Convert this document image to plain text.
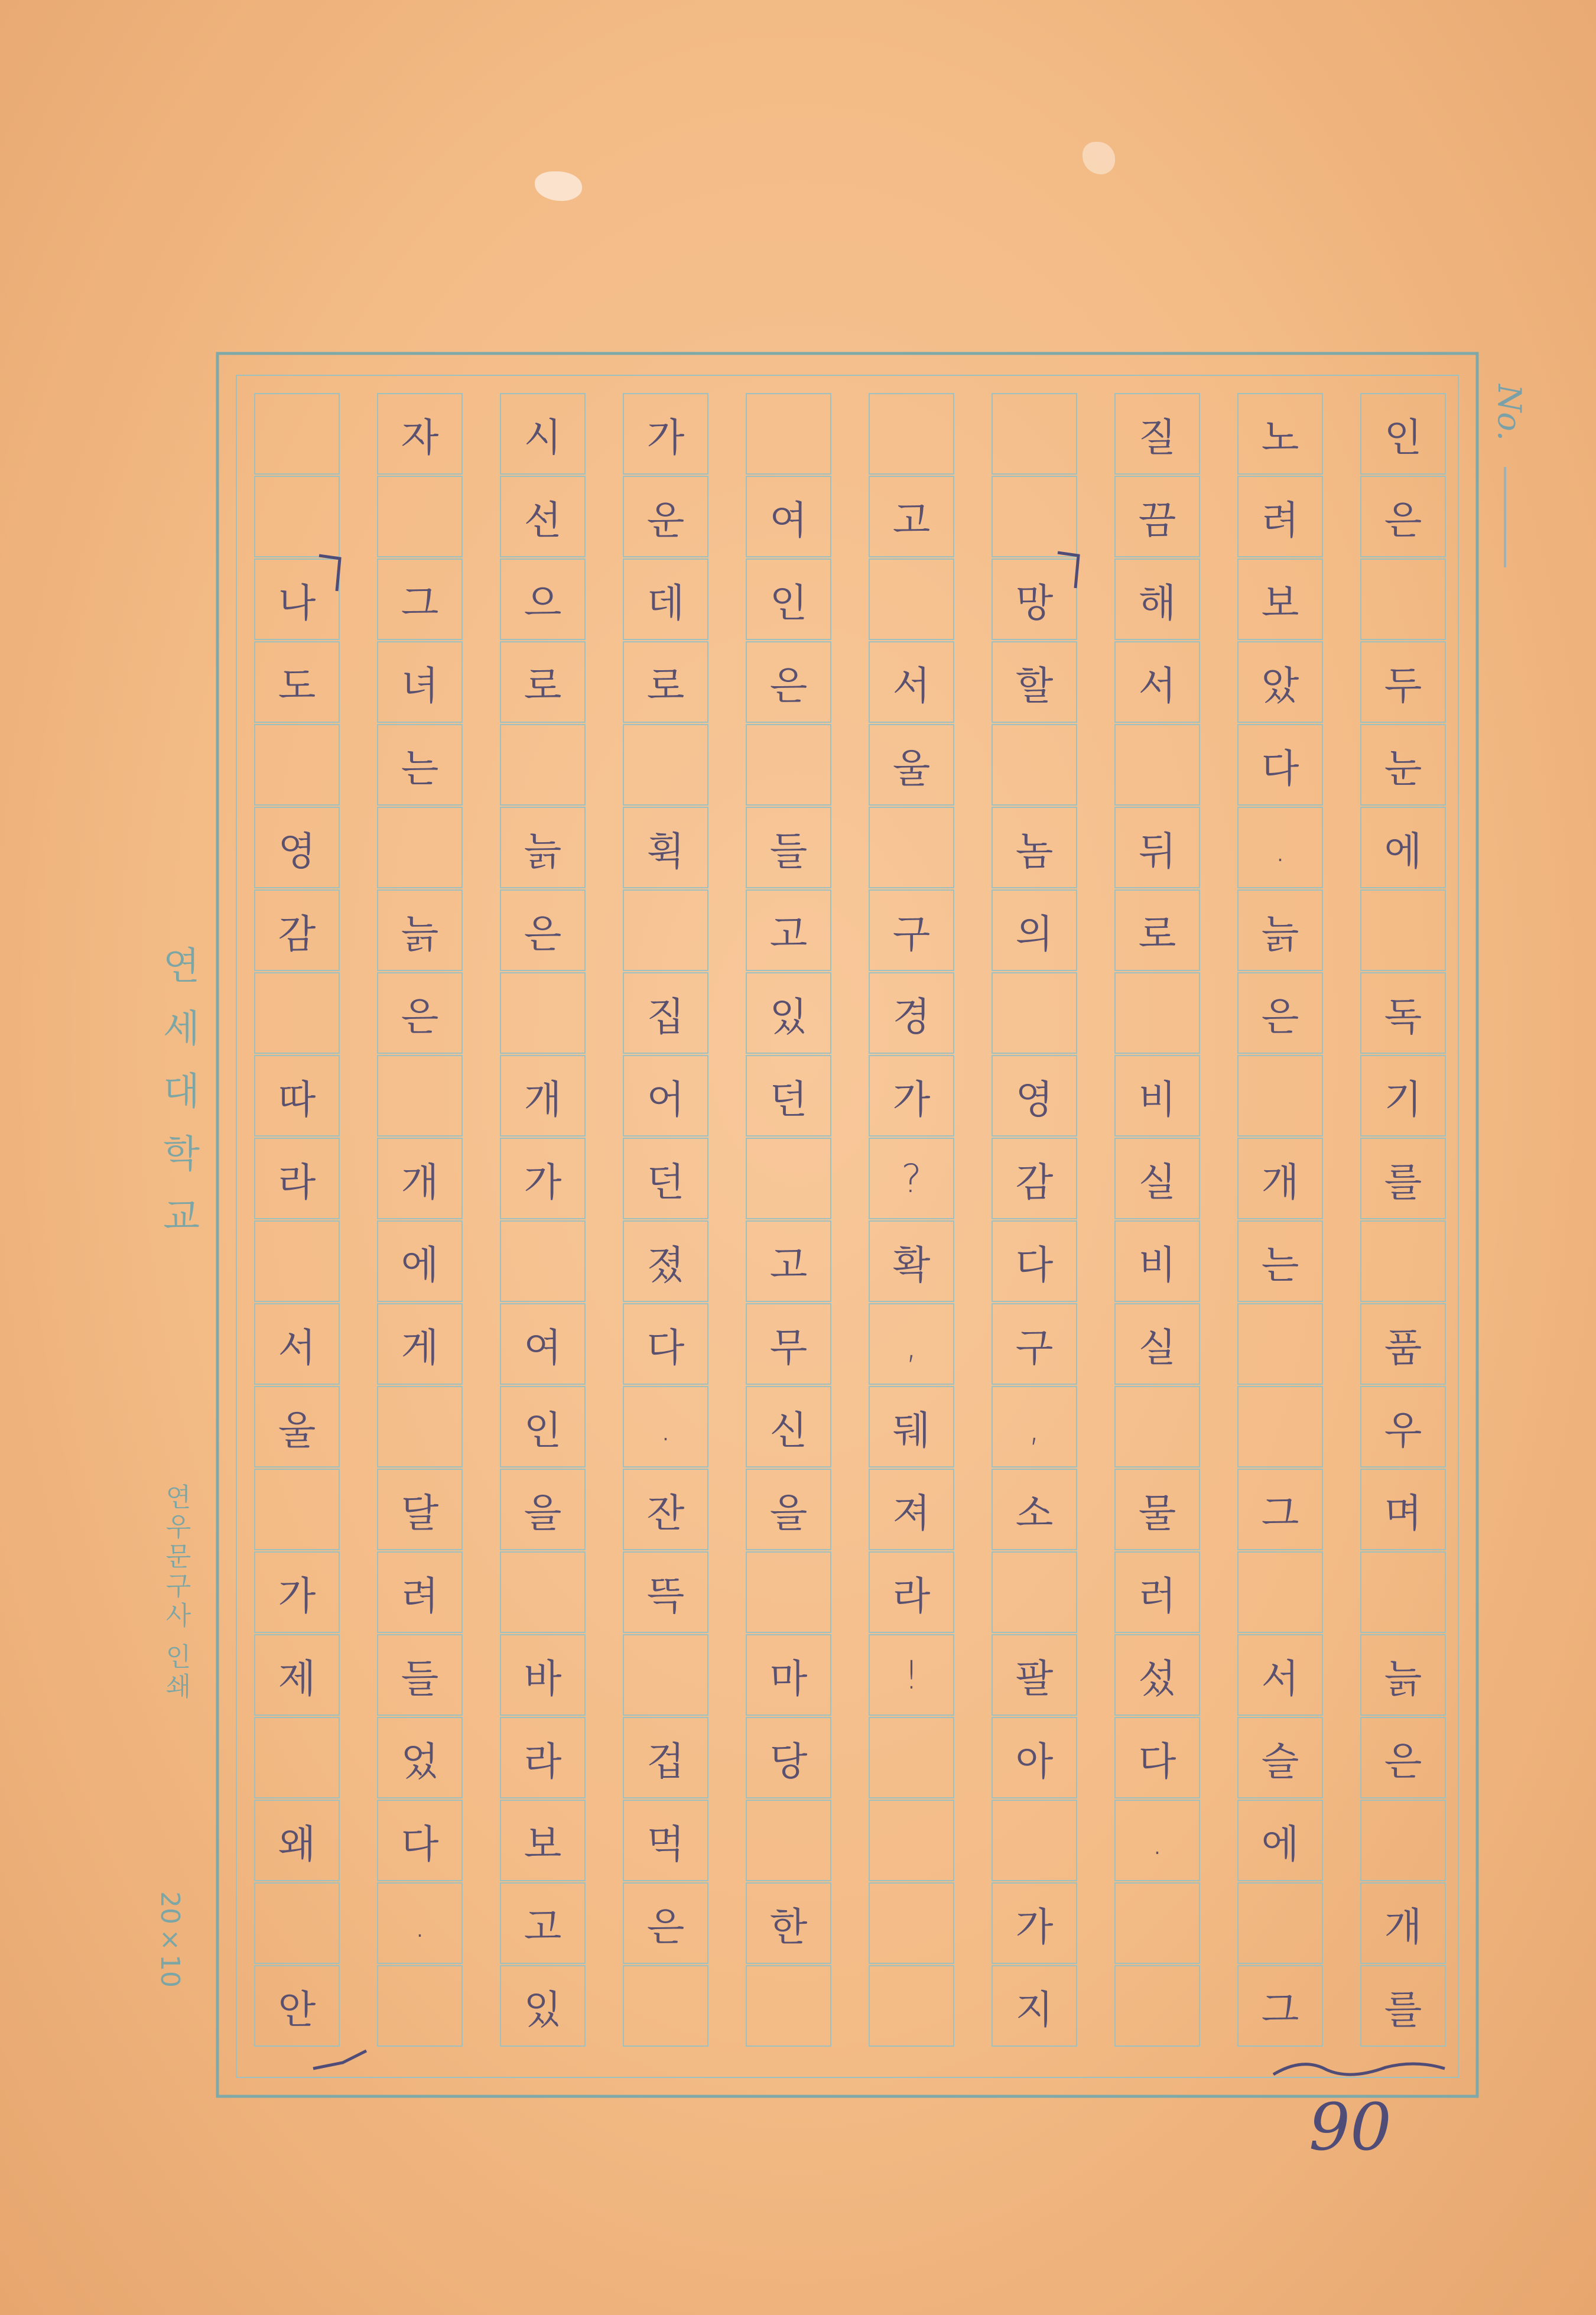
No.
인
은
두
눈
에
독
기
를
품
우
며
늙
은
개
를
노
려
보
았
다
.
늙
은
개
는
그
서
슬
에
그
질
끔
해
서
뒤
로
비
실
비
실
물
러
섰
다
.
망
할
놈
의
영
감
다
구
,
소
팔
아
가
지
고
서
울
구
경
가
?
확
,
뒈
져
라
!
여
인
은
들
고
있
던
고
무
신
을
마
당
한
가
운
데
로
휙
집
어
던
졌
다
.
잔
뜩
겁
먹
은
시
선
으
로
늙
은
개
가
여
인
을
바
라
보
고
있
자
그
녀
는
늙
은
개
에
게
달
려
들
었
다
.
나
도
영
감
따
라
서
울
가
제
왜
안
연세대학교
연우문구사 인쇄
20×10
90
